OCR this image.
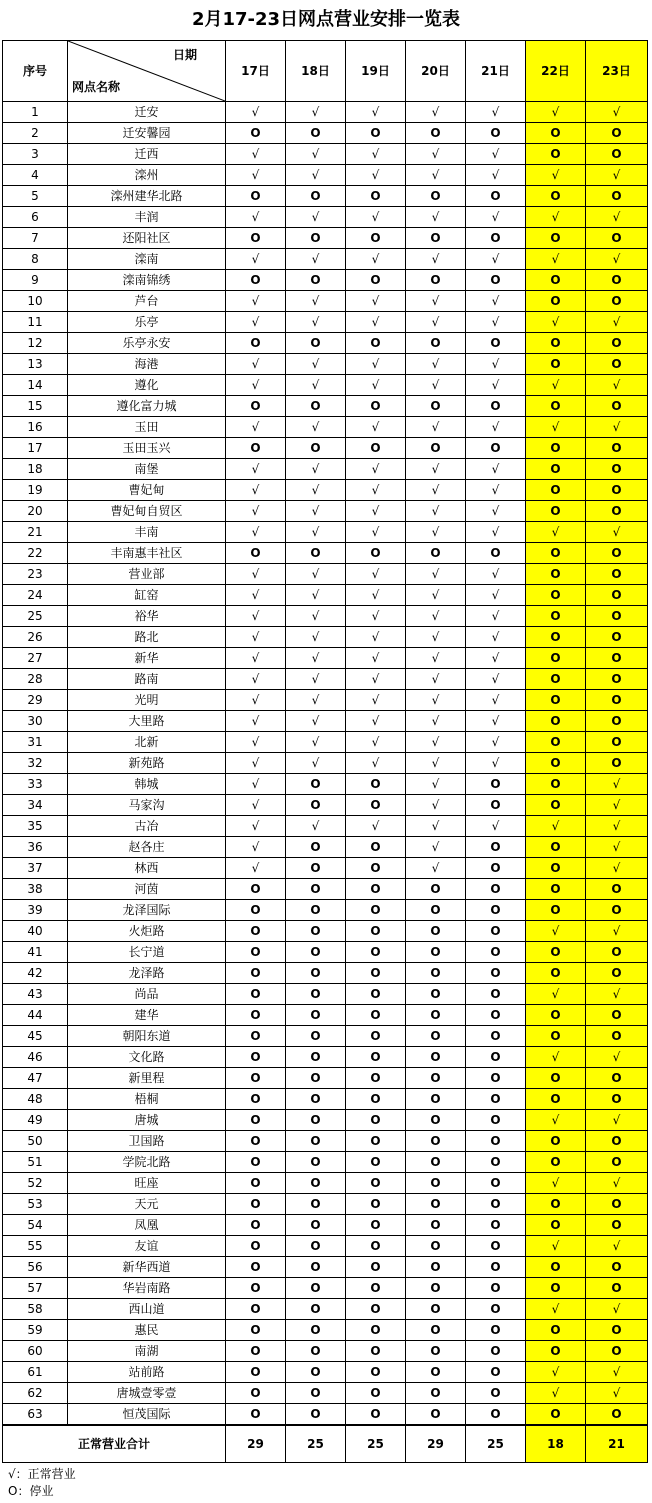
2月17-23日网点营业安排一览表
序号	日期
网点名称	17日	18日	19日	20日	21日	22日	23日
1	迁安	√	√	√	√	√	√	√
2	迁安馨园	O	O	O	O	O	O	O
3	迁西	√	√	√	√	√	O	O
4	滦州	√	√	√	√	√	√	√
5	滦州建华北路	O	O	O	O	O	O	O
6	丰润	√	√	√	√	√	√	√
7	还阳社区	O	O	O	O	O	O	O
8	滦南	√	√	√	√	√	√	√
9	滦南锦绣	O	O	O	O	O	O	O
10	芦台	√	√	√	√	√	O	O
11	乐亭	√	√	√	√	√	√	√
12	乐亭永安	O	O	O	O	O	O	O
13	海港	√	√	√	√	√	O	O
14	遵化	√	√	√	√	√	√	√
15	遵化富力城	O	O	O	O	O	O	O
16	玉田	√	√	√	√	√	√	√
17	玉田玉兴	O	O	O	O	O	O	O
18	南堡	√	√	√	√	√	O	O
19	曹妃甸	√	√	√	√	√	O	O
20	曹妃甸自贸区	√	√	√	√	√	O	O
21	丰南	√	√	√	√	√	√	√
22	丰南惠丰社区	O	O	O	O	O	O	O
23	营业部	√	√	√	√	√	O	O
24	缸窑	√	√	√	√	√	O	O
25	裕华	√	√	√	√	√	O	O
26	路北	√	√	√	√	√	O	O
27	新华	√	√	√	√	√	O	O
28	路南	√	√	√	√	√	O	O
29	光明	√	√	√	√	√	O	O
30	大里路	√	√	√	√	√	O	O
31	北新	√	√	√	√	√	O	O
32	新苑路	√	√	√	√	√	O	O
33	韩城	√	O	O	√	O	O	√
34	马家沟	√	O	O	√	O	O	√
35	古冶	√	√	√	√	√	√	√
36	赵各庄	√	O	O	√	O	O	√
37	林西	√	O	O	√	O	O	√
38	河茵	O	O	O	O	O	O	O
39	龙泽国际	O	O	O	O	O	O	O
40	火炬路	O	O	O	O	O	√	√
41	长宁道	O	O	O	O	O	O	O
42	龙泽路	O	O	O	O	O	O	O
43	尚品	O	O	O	O	O	√	√
44	建华	O	O	O	O	O	O	O
45	朝阳东道	O	O	O	O	O	O	O
46	文化路	O	O	O	O	O	√	√
47	新里程	O	O	O	O	O	O	O
48	梧桐	O	O	O	O	O	O	O
49	唐城	O	O	O	O	O	√	√
50	卫国路	O	O	O	O	O	O	O
51	学院北路	O	O	O	O	O	O	O
52	旺座	O	O	O	O	O	√	√
53	天元	O	O	O	O	O	O	O
54	凤凰	O	O	O	O	O	O	O
55	友谊	O	O	O	O	O	√	√
56	新华西道	O	O	O	O	O	O	O
57	华岩南路	O	O	O	O	O	O	O
58	西山道	O	O	O	O	O	√	√
59	惠民	O	O	O	O	O	O	O
60	南湖	O	O	O	O	O	O	O
61	站前路	O	O	O	O	O	√	√
62	唐城壹零壹	O	O	O	O	O	√	√
63	恒茂国际	O	O	O	O	O	O	O
正常营业合计		29	25	25	29	25	18	21
√：正常营业
O：停业
